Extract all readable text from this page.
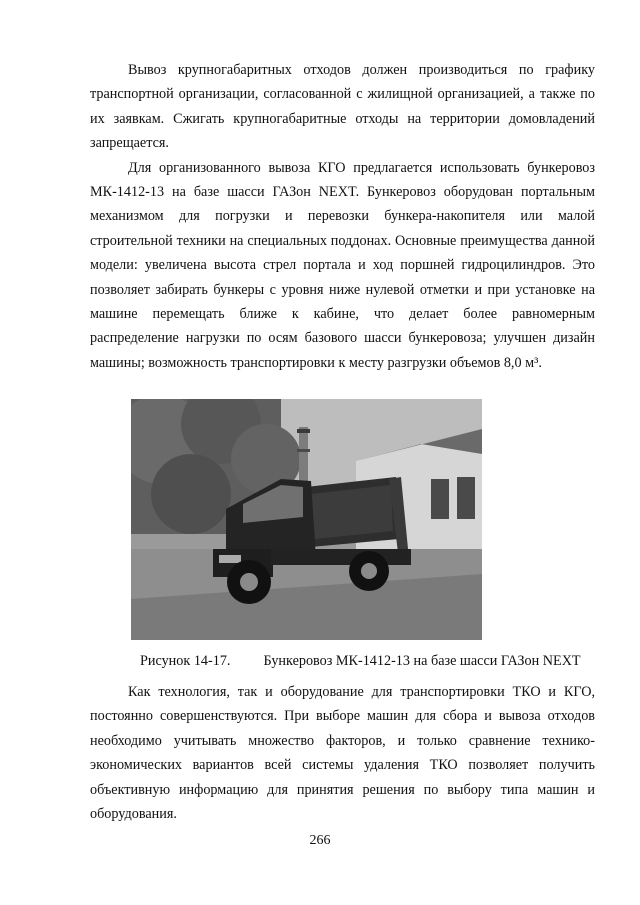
Вывоз крупногабаритных отходов должен производиться по графику транспортной организации, согласованной с жилищной организацией, а также по их заявкам. Сжигать крупногабаритные отходы на территории домовладений запрещается.

Для организованного вывоза КГО предлагается использовать бункеровоз МК-1412-13 на базе шасси ГАЗон NEXT. Бункеровоз оборудован портальным механизмом для погрузки и перевозки бункера-накопителя или малой строительной техники на специальных поддонах. Основные преимущества данной модели: увеличена высота стрел портала и ход поршней гидроцилиндров. Это позволяет забирать бункеры с уровня ниже нулевой отметки и при установке на машине перемещать ближе к кабине, что делает более равномерным распределение нагрузки по осям базового шасси бункеровоза; улучшен дизайн машины; возможность транспортировки к месту разгрузки объемов 8,0 м³.

Рисунок 14-17. Бункеровоз МК-1412-13 на базе шасси ГАЗон NEXT

Как технология, так и оборудование для транспортировки ТКО и КГО, постоянно совершенствуются. При выборе машин для сбора и вывоза отходов необходимо учитывать множество факторов, и только сравнение технико-экономических вариантов всей системы удаления ТКО позволяет получить объективную информацию для принятия решения по выбору типа машин и оборудования.

266
